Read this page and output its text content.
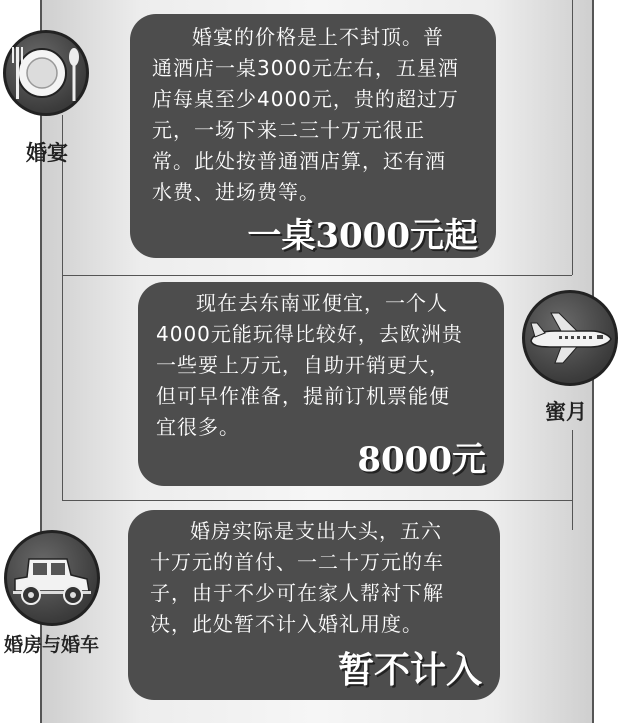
婚宴
婚宴的价格是上不封顶。普
通酒店一桌3000元左右，五星酒
店每桌至少4000元，贵的超过万
元，一场下来二三十万元很正
常。此处按普通酒店算，还有酒
水费、进场费等。
一桌3000元起
现在去东南亚便宜，一个人
4000元能玩得比较好，去欧洲贵
一些要上万元，自助开销更大，
但可早作准备，提前订机票能便
宜很多。
8000元
蜜月
婚房与婚车
婚房实际是支出大头，五六
十万元的首付、一二十万元的车
子，由于不少可在家人帮衬下解
决，此处暂不计入婚礼用度。
暂不计入
